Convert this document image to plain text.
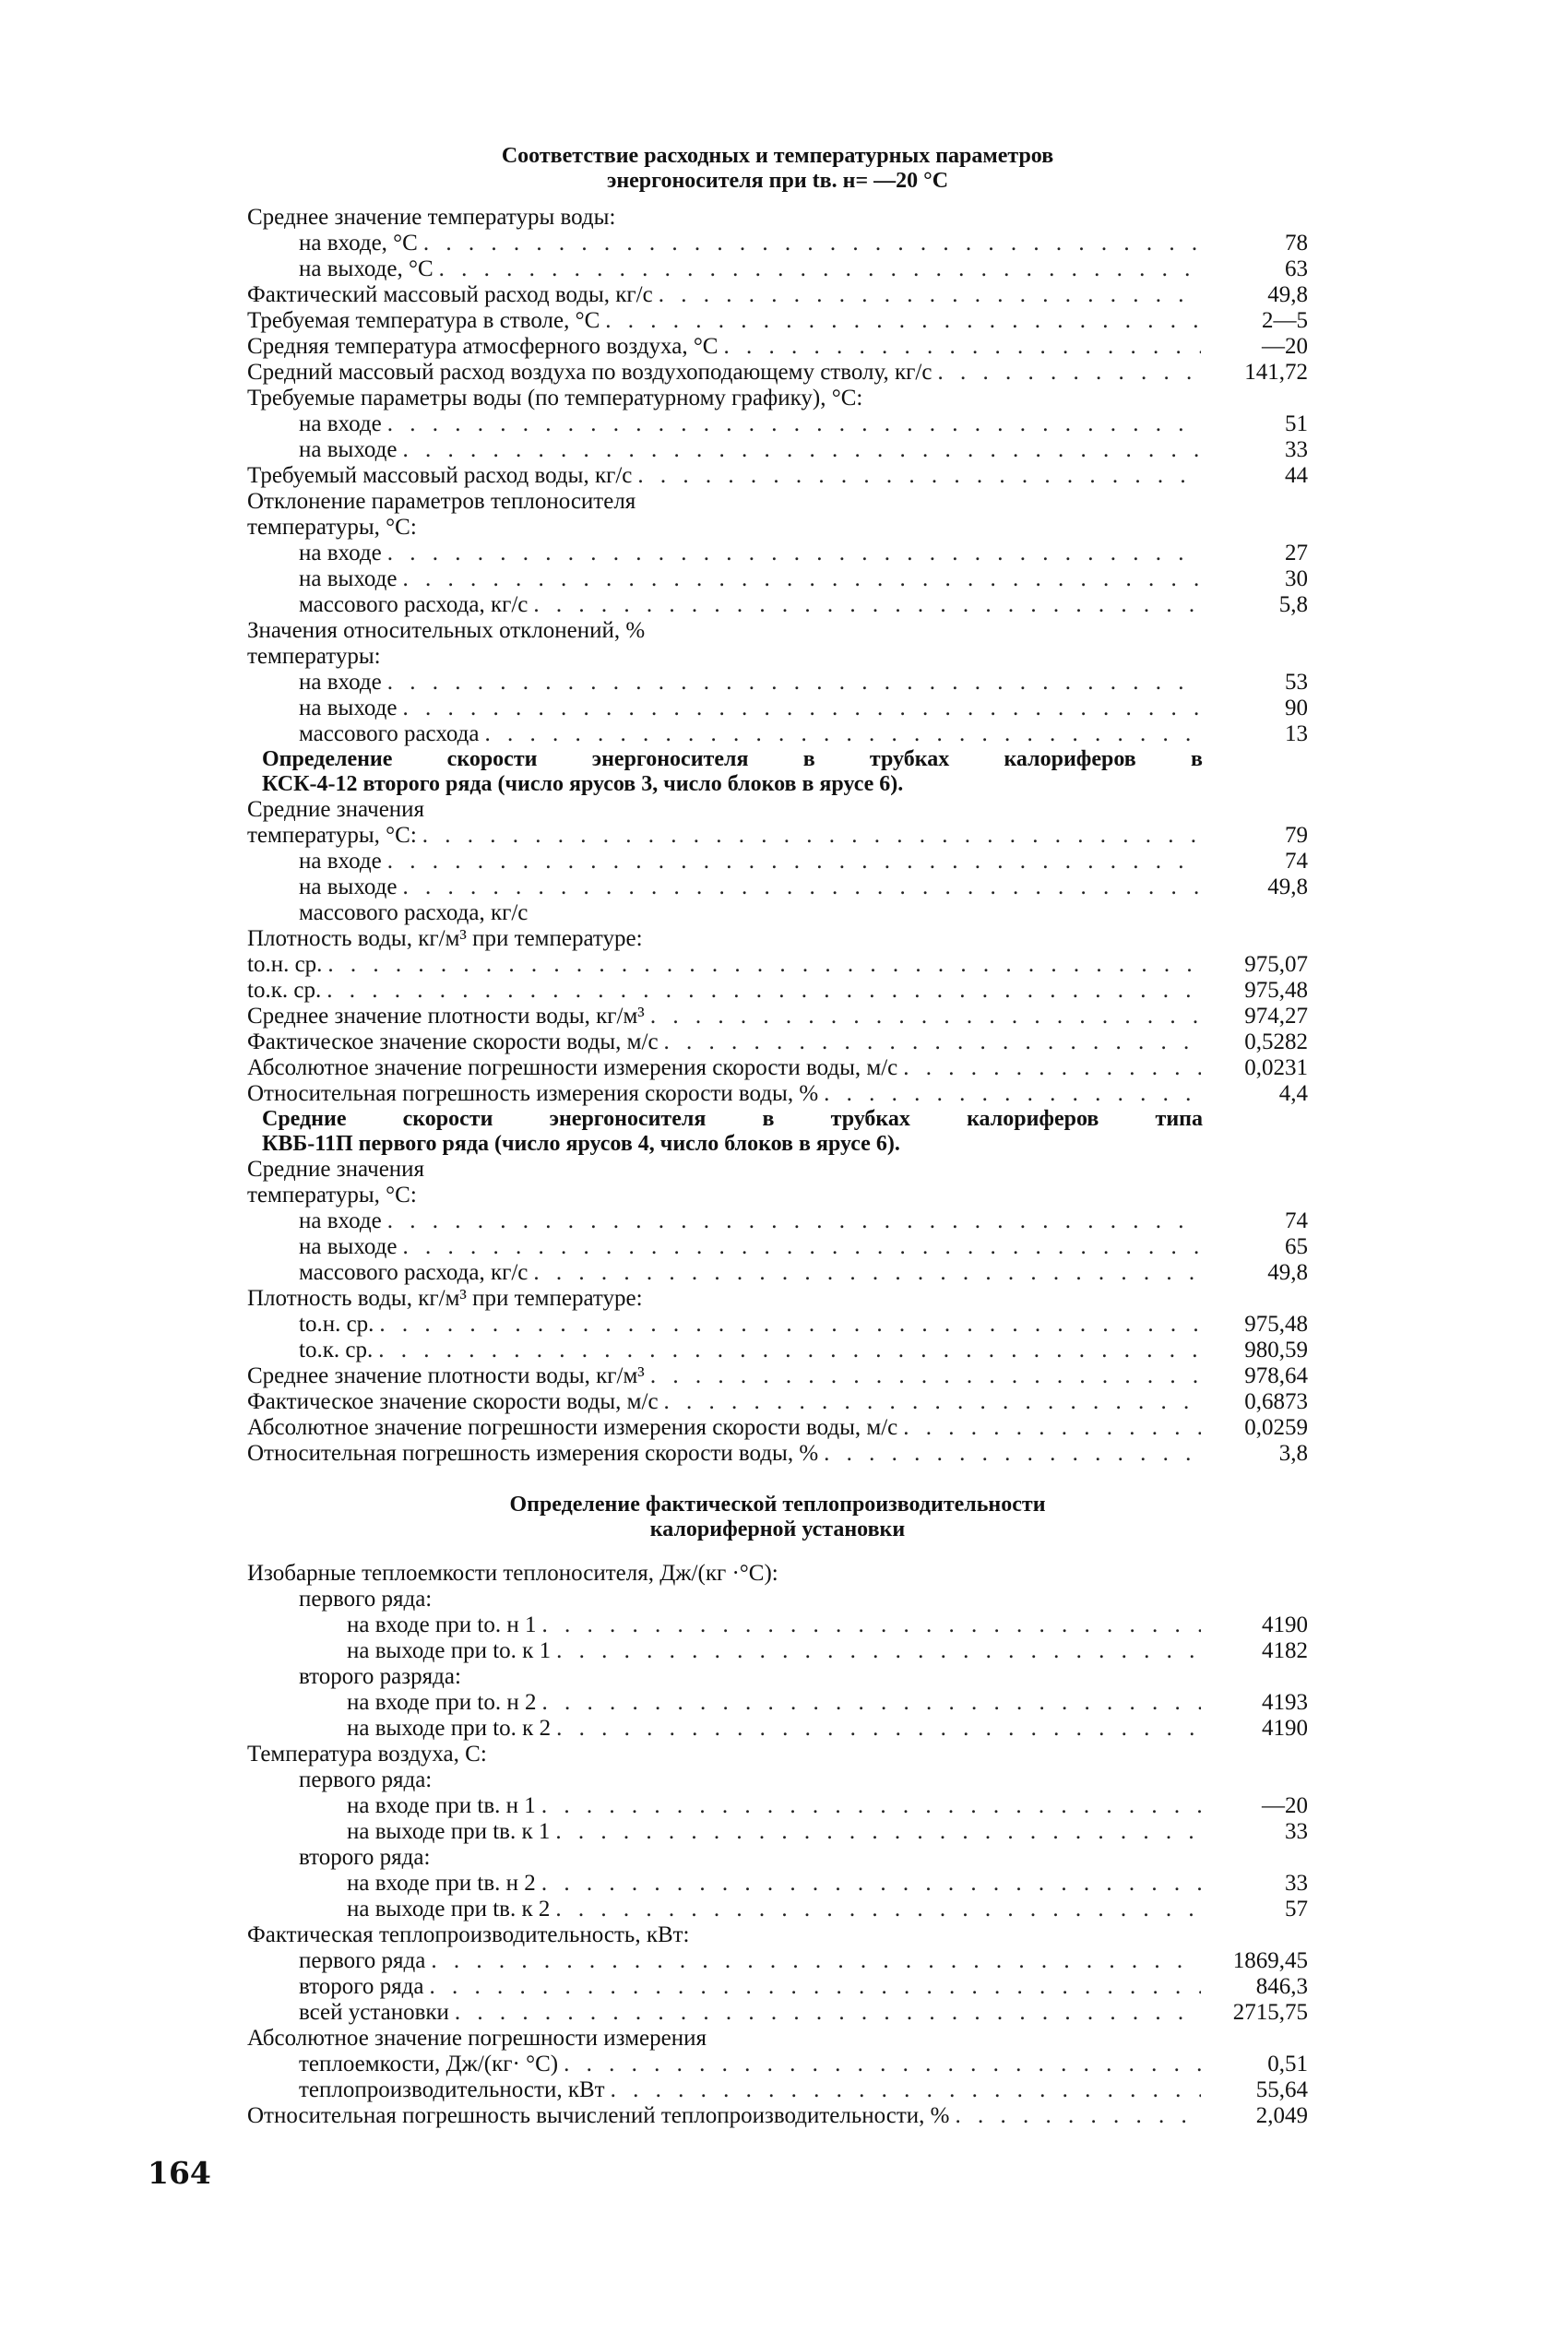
Соответствие расходных и температурных параметров
энергоносителя при tв. н= —20 °С
Среднее значение температуры воды:
на входе, °С . . .	78
на выходе, °С . . .	63
Фактический массовый расход воды, кг/с . . .	49,8
Требуемая температура в стволе, °С . . .	2—5
Средняя температура атмосферного воздуха, °С . . .	—20
Средний массовый расход воздуха по воздухоподающему стволу, кг/с . . .	141,72
Требуемые параметры воды (по температурному графику), °С:
на входе . . .	51
на выходе . . .	33
Требуемый массовый расход воды, кг/с . . .	44
Отклонение параметров теплоносителя
температуры, °С:
на входе . . .	27
на выходе . . .	30
массового расхода, кг/с . . .	5,8
Значения относительных отклонений, %
температуры:
на входе . . .	53
на выходе . . .	90
массового расхода . . .	13
Определение скорости энергоносителя в трубках калориферов в
КСК-4-12 второго ряда (число ярусов 3, число блоков в ярусе 6).
Средние значения
температуры, °С: . . .	79
на входе . . .	74
на выходе . . .	49,8
массового расхода, кг/с
Плотность воды, кг/м³ при температуре:
tо.н. ср. . . .	975,07
tо.к. ср. . . .	975,48
Среднее значение плотности воды, кг/м³ . . .	974,27
Фактическое значение скорости воды, м/с . . .	0,5282
Абсолютное значение погрешности измерения скорости воды, м/с . . .	0,0231
Относительная погрешность измерения скорости воды, % . . .	4,4
Средние скорости энергоносителя в трубках калориферов типа
КВБ-11П первого ряда (число ярусов 4, число блоков в ярусе 6).
Средние значения
температуры, °С:
на входе . . .	74
на выходе . . .	65
массового расхода, кг/с . . .	49,8
Плотность воды, кг/м³ при температуре:
tо.н. ср. . . .	975,48
tо.к. ср. . . .	980,59
Среднее значение плотности воды, кг/м³ . . .	978,64
Фактическое значение скорости воды, м/с . . .	0,6873
Абсолютное значение погрешности измерения скорости воды, м/с . . .	0,0259
Относительная погрешность измерения скорости воды, % . . .	3,8
Определение фактической теплопроизводительности
калориферной установки
Изобарные теплоемкости теплоносителя, Дж/(кг ·°С):
первого ряда:
на входе при tо. н 1 . . .	4190
на выходе при tо. к 1 . . .	4182
второго разряда:
на входе при tо. н 2 . . .	4193
на выходе при tо. к 2 . . .	4190
Температура воздуха, С:
первого ряда:
на входе при tв. н 1 . . .	—20
на выходе при tв. к 1 . . .	33
второго ряда:
на входе при tв. н 2 . . .	33
на выходе при tв. к 2 . . .	57
Фактическая теплопроизводительность, кВт:
первого ряда . . .	1869,45
второго ряда . . .	846,3
всей установки . . .	2715,75
Абсолютное значение погрешности измерения
теплоемкости, Дж/(кг· °С) . . .	0,51
теплопроизводительности, кВт . . .	55,64
Относительная погрешность вычислений теплопроизводительности, % . . .	2,049
164
